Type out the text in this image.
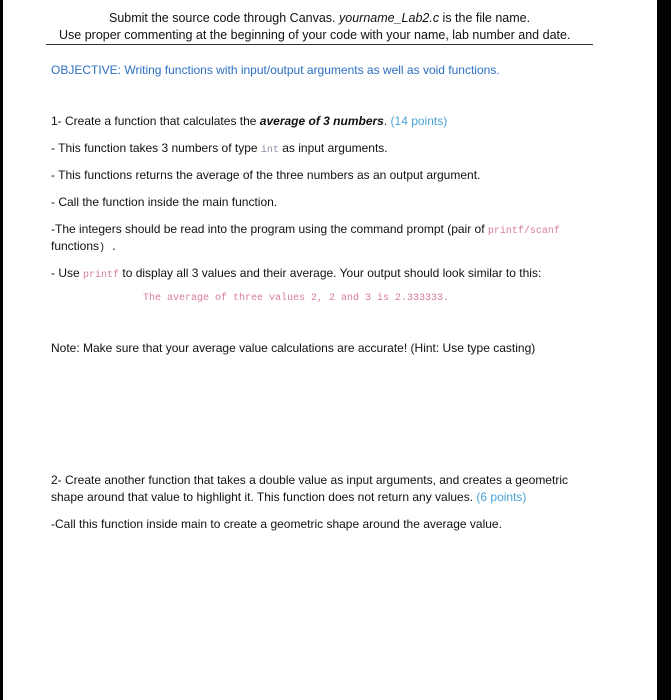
Submit the source code through Canvas. yourname_Lab2.c is the file name.
Use proper commenting at the beginning of your code with your name, lab number and date.
OBJECTIVE: Writing functions with input/output arguments as well as void functions.
1- Create a function that calculates the average of 3 numbers. (14 points)
- This function takes 3 numbers of type int as input arguments.
- This functions returns the average of the three numbers as an output argument.
- Call the function inside the main function.
-The integers should be read into the program using the command prompt (pair of printf/scanf
functions) .
- Use printf to display all 3 values and their average. Your output should look similar to this:
The average of three values 2, 2 and 3 is 2.333333.
Note: Make sure that your average value calculations are accurate! (Hint: Use type casting)
2- Create another function that takes a double value as input arguments, and creates a geometric
shape around that value to highlight it. This function does not return any values. (6 points)
-Call this function inside main to create a geometric shape around the average value.
